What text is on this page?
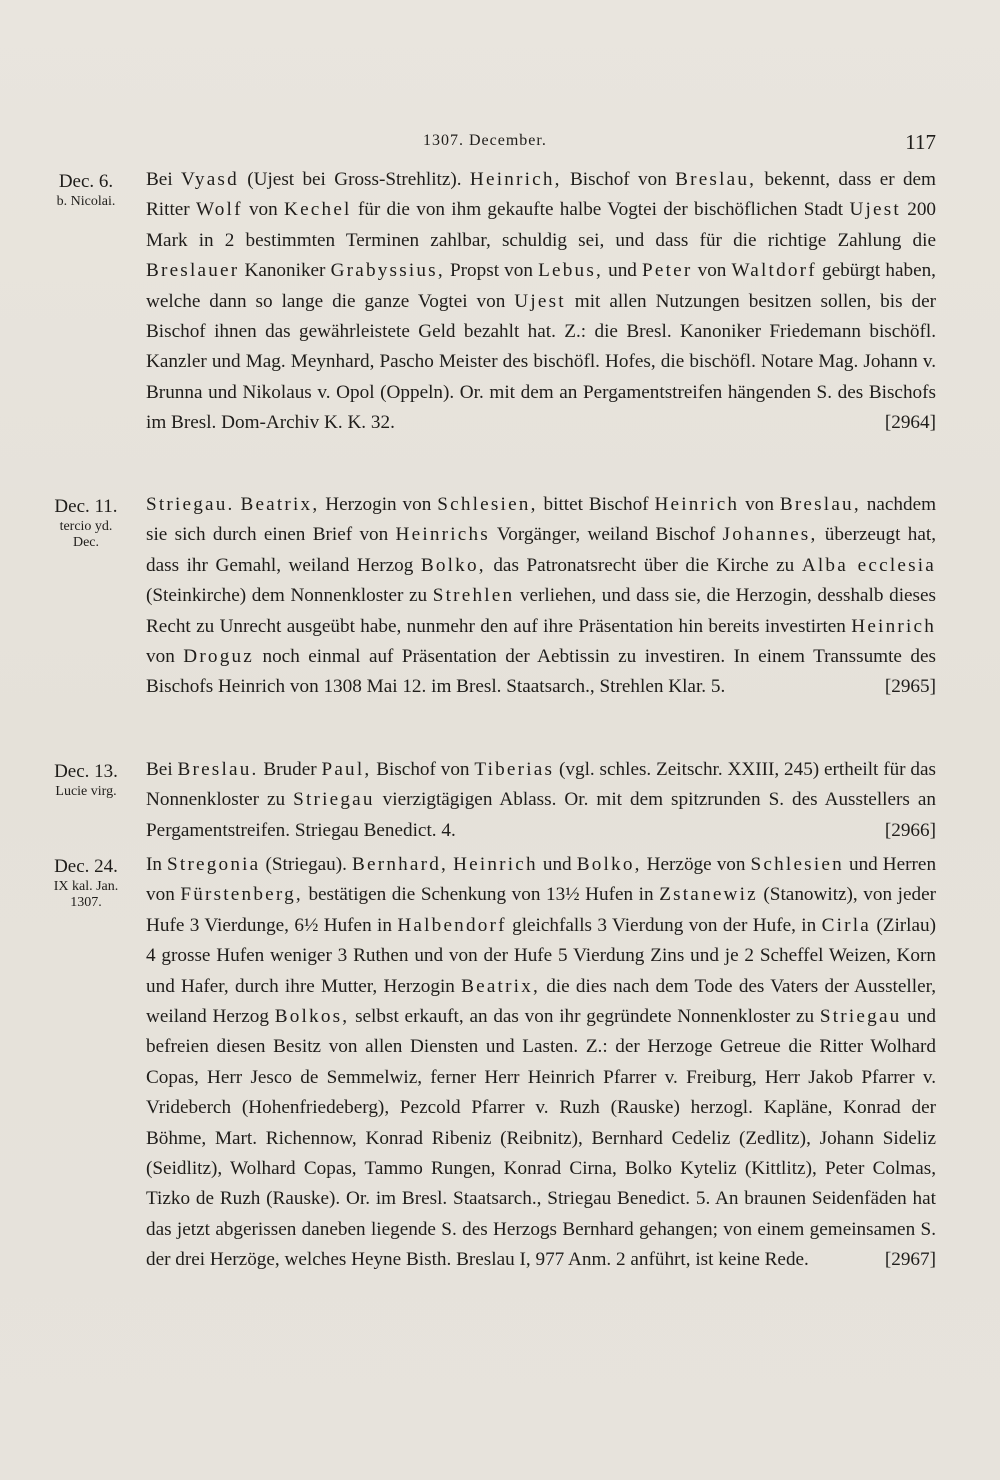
1307. December.	117
Dec. 6.
b. Nicolai.

Bei Vyasd (Ujest bei Gross-Strehlitz). Heinrich, Bischof von Breslau, bekennt, dass er dem Ritter Wolf von Kechel für die von ihm gekaufte halbe Vogtei der bischöflichen Stadt Ujest 200 Mark in 2 bestimmten Terminen zahlbar, schuldig sei, und dass für die richtige Zahlung die Breslauer Kanoniker Grabyssius, Propst von Lebus, und Peter von Waltdorf gebürgt haben, welche dann so lange die ganze Vogtei von Ujest mit allen Nutzungen besitzen sollen, bis der Bischof ihnen das gewährleistete Geld bezahlt hat. Z.: die Bresl. Kanoniker Friedemann bischöfl. Kanzler und Mag. Meynhard, Pascho Meister des bischöfl. Hofes, die bischöfl. Notare Mag. Johann v. Brunna und Nikolaus v. Opol (Oppeln). Or. mit dem an Pergamentstreifen hängenden S. des Bischofs im Bresl. Dom-Archiv K. K. 32.	[2964]

Dec. 11.
tercio yd.
Dec.

Striegau. Beatrix, Herzogin von Schlesien, bittet Bischof Heinrich von Breslau, nachdem sie sich durch einen Brief von Heinrichs Vorgänger, weiland Bischof Johannes, überzeugt hat, dass ihr Gemahl, weiland Herzog Bolko, das Patronatsrecht über die Kirche zu Alba ecclesia (Steinkirche) dem Nonnenkloster zu Strehlen verliehen, und dass sie, die Herzogin, desshalb dieses Recht zu Unrecht ausgeübt habe, nunmehr den auf ihre Präsentation hin bereits investirten Heinrich von Droguz noch einmal auf Präsentation der Aebtissin zu investiren. In einem Transsumte des Bischofs Heinrich von 1308 Mai 12. im Bresl. Staatsarch., Strehlen Klar. 5.	[2965]

Dec. 13.
Lucie virg.

Bei Breslau. Bruder Paul, Bischof von Tiberias (vgl. schles. Zeitschr. XXIII, 245) ertheilt für das Nonnenkloster zu Striegau vierzigtägigen Ablass. Or. mit dem spitzrunden S. des Ausstellers an Pergamentstreifen. Striegau Benedict. 4.	[2966]

Dec. 24.
IX kal. Jan.
1307.

In Stregonia (Striegau). Bernhard, Heinrich und Bolko, Herzöge von Schlesien und Herren von Fürstenberg, bestätigen die Schenkung von 13½ Hufen in Zstanewiz (Stanowitz), von jeder Hufe 3 Vierdunge, 6½ Hufen in Halbendorf gleichfalls 3 Vierdung von der Hufe, in Cirla (Zirlau) 4 grosse Hufen weniger 3 Ruthen und von der Hufe 5 Vierdung Zins und je 2 Scheffel Weizen, Korn und Hafer, durch ihre Mutter, Herzogin Beatrix, die dies nach dem Tode des Vaters der Aussteller, weiland Herzog Bolkos, selbst erkauft, an das von ihr gegründete Nonnenkloster zu Striegau und befreien diesen Besitz von allen Diensten und Lasten. Z.: der Herzoge Getreue die Ritter Wolhard Copas, Herr Jesco de Semmelwiz, ferner Herr Heinrich Pfarrer v. Freiburg, Herr Jakob Pfarrer v. Vrideberch (Hohenfriedeberg), Pezcold Pfarrer v. Ruzh (Rauske) herzogl. Kapläne, Konrad der Böhme, Mart. Richennow, Konrad Ribeniz (Reibnitz), Bernhard Cedeliz (Zedlitz), Johann Sideliz (Seidlitz), Wolhard Copas, Tammo Rungen, Konrad Cirna, Bolko Kyteliz (Kittlitz), Peter Colmas, Tizko de Ruzh (Rauske). Or. im Bresl. Staatsarch., Striegau Benedict. 5. An braunen Seidenfäden hat das jetzt abgerissen daneben liegende S. des Herzogs Bernhard gehangen; von einem gemeinsamen S. der drei Herzöge, welches Heyne Bisth. Breslau I, 977 Anm. 2 anführt, ist keine Rede.	[2967]
